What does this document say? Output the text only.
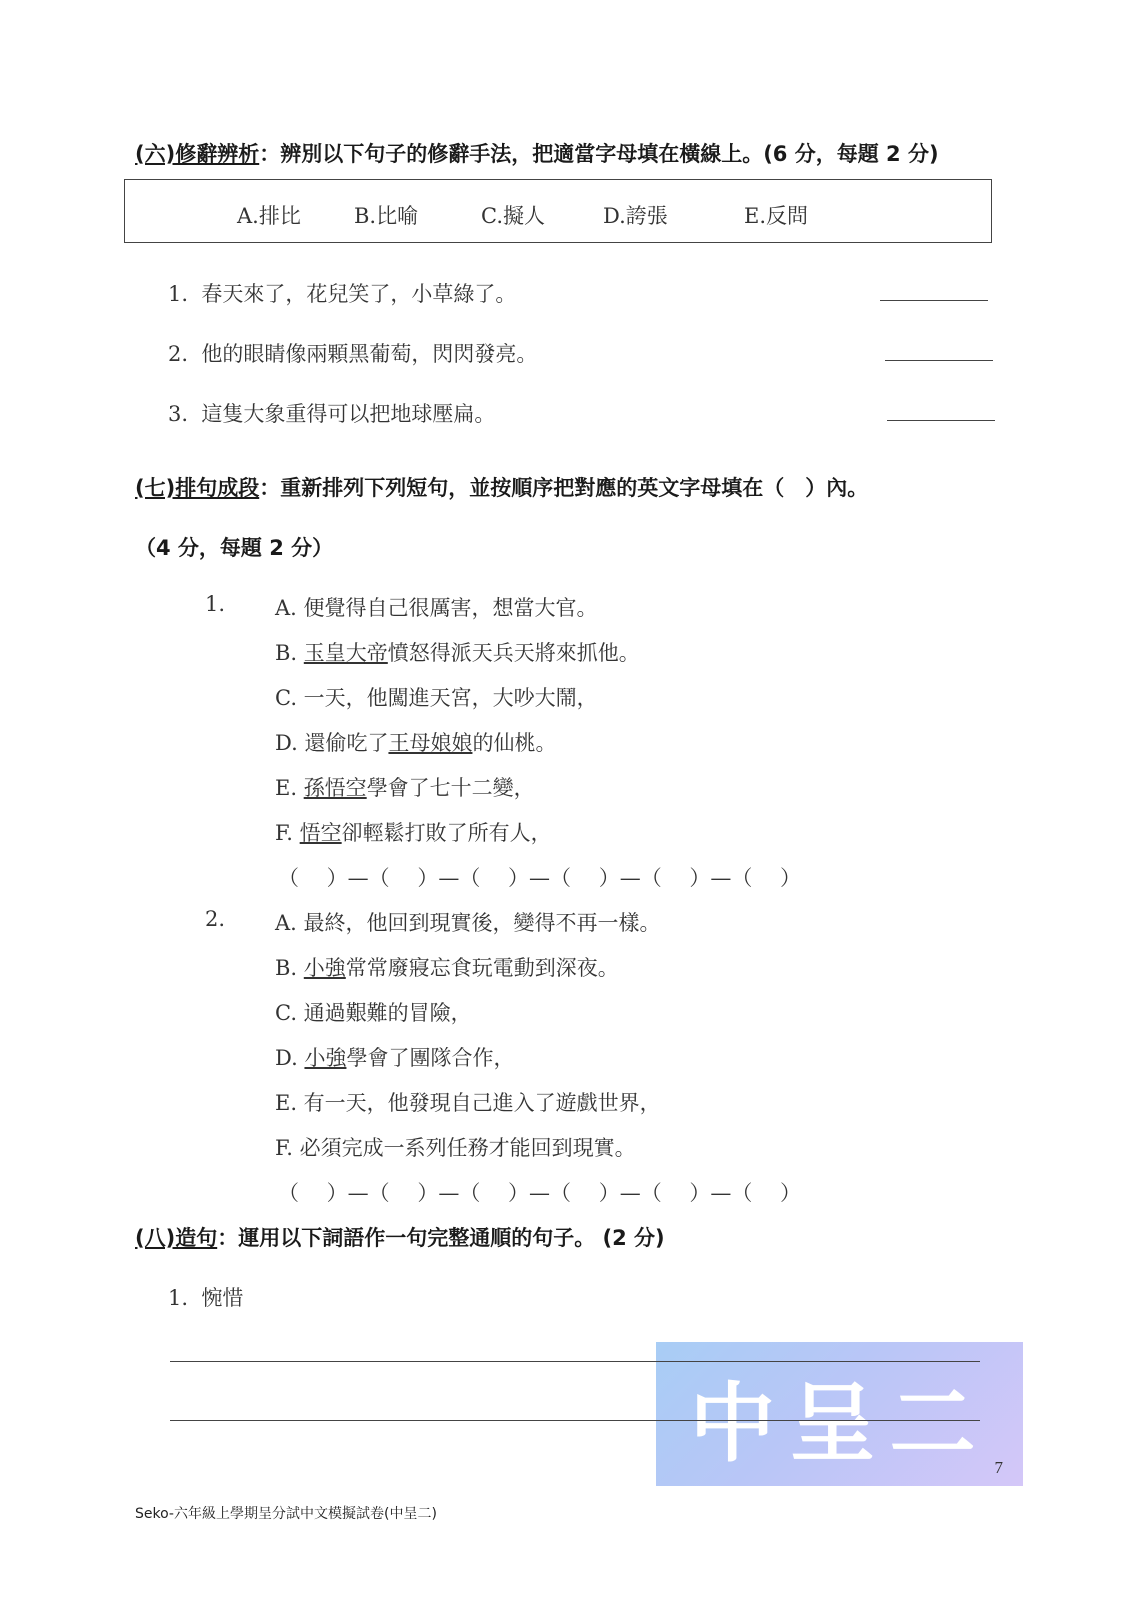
(六)修辭辨析：辨別以下句子的修辭手法，把適當字母填在橫線上。(6 分，每題 2 分)
A.排比	B.比喻	C.擬人	D.誇張	E.反問
1. 春天來了，花兒笑了，小草綠了。
2. 他的眼睛像兩顆黑葡萄，閃閃發亮。
3. 這隻大象重得可以把地球壓扁。
(七)排句成段：重新排列下列短句，並按順序把對應的英文字母填在（　）內。
（4 分，每題 2 分）
1. A. 便覺得自己很厲害，想當大官。
B. 玉皇大帝憤怒得派天兵天將來抓他。
C. 一天，他闖進天宮，大吵大鬧，
D. 還偷吃了王母娘娘的仙桃。
E. 孫悟空學會了七十二變，
F. 悟空卻輕鬆打敗了所有人，
（　 ）—（　 ）—（　 ）—（　 ）—（　 ）—（　 ）
2. A. 最終，他回到現實後，變得不再一樣。
B. 小強常常廢寢忘食玩電動到深夜。
C. 通過艱難的冒險，
D. 小強學會了團隊合作，
E. 有一天，他發現自己進入了遊戲世界，
F. 必須完成一系列任務才能回到現實。
（　 ）—（　 ）—（　 ）—（　 ）—（　 ）—（　 ）
(八)造句：運用以下詞語作一句完整通順的句子。 (2 分)
1. 惋惜
中呈二 7
Seko-六年級上學期呈分試中文模擬試卷(中呈二)
